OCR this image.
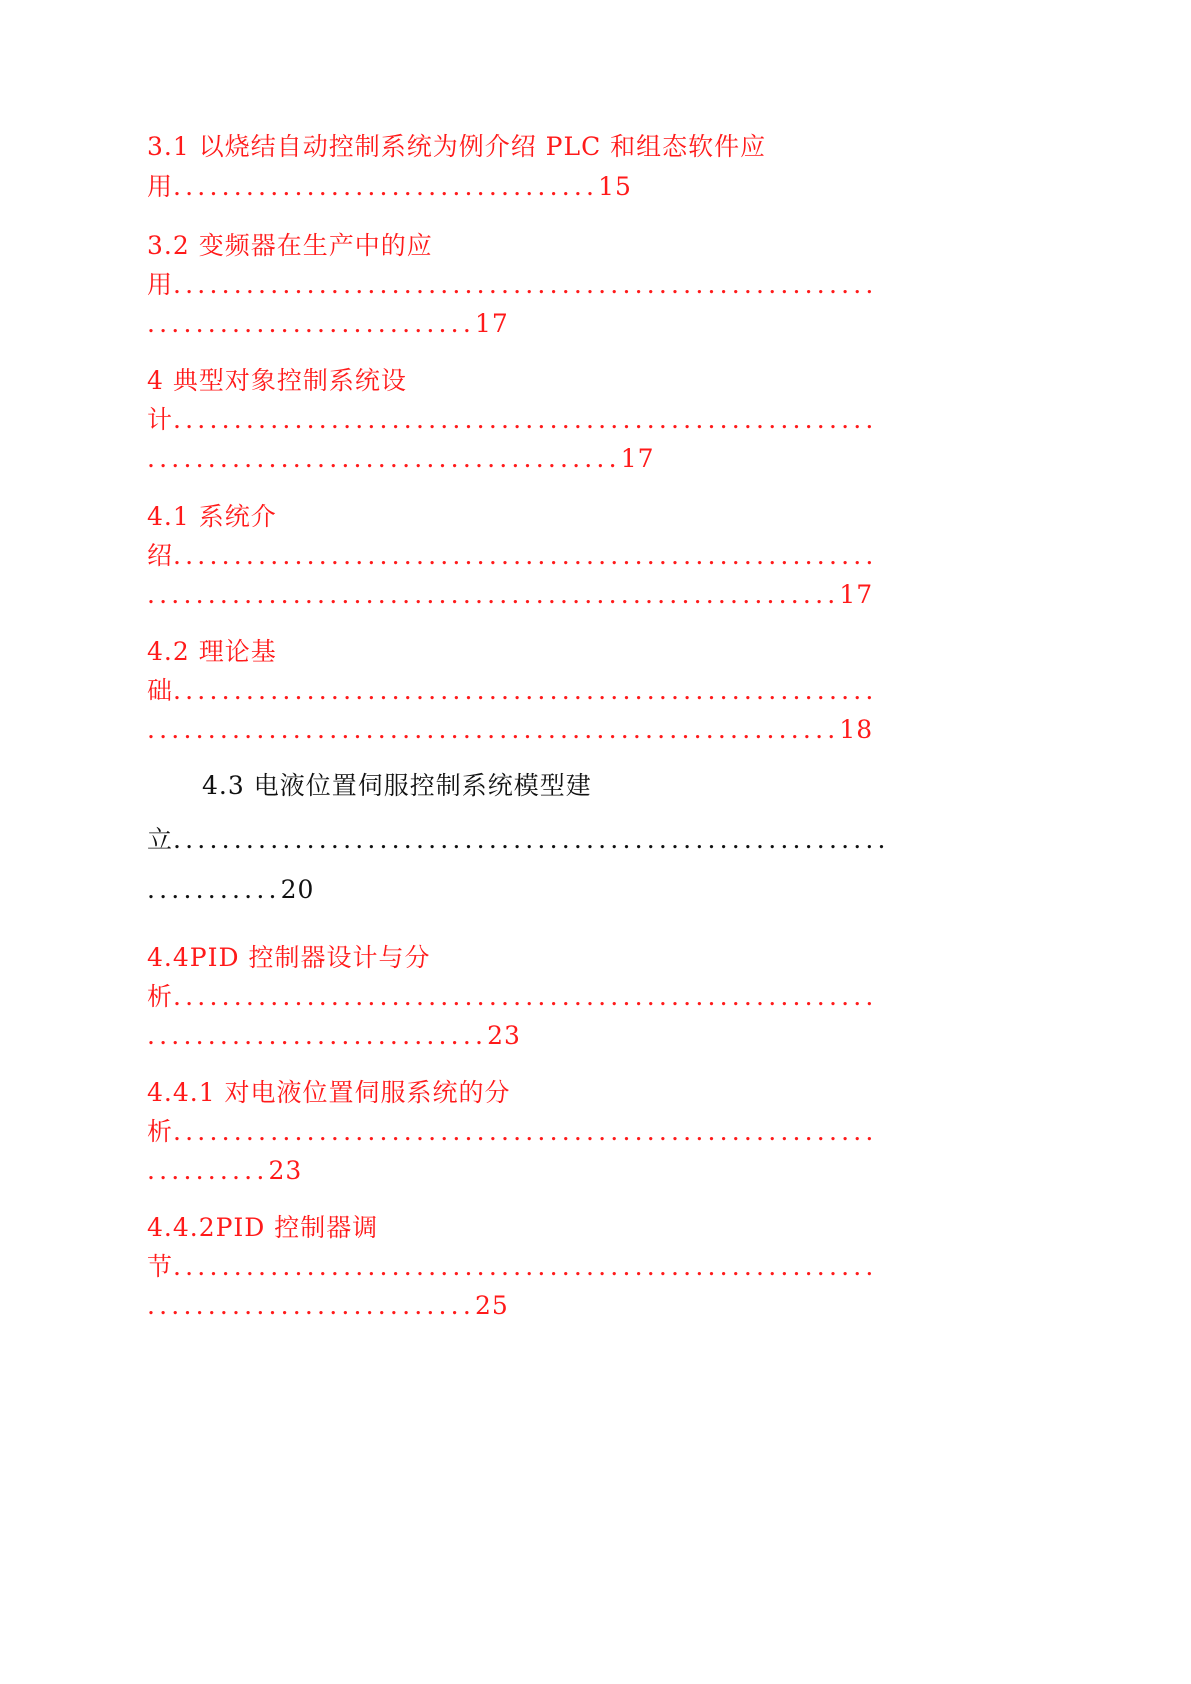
3.1 以烧结自动控制系统为例介绍 PLC 和组态软件应
用...................................15
3.2 变频器在生产中的应
用..........................................................
...........................17
4 典型对象控制系统设
计..........................................................
.......................................17
4.1 系统介
绍..........................................................
.........................................................17
4.2 理论基
础..........................................................
.........................................................18
4.3 电液位置伺服控制系统模型建
立...........................................................
...........20
4.4PID 控制器设计与分
析..........................................................
............................23
4.4.1 对电液位置伺服系统的分
析..........................................................
..........23
4.4.2PID 控制器调
节..........................................................
...........................25
